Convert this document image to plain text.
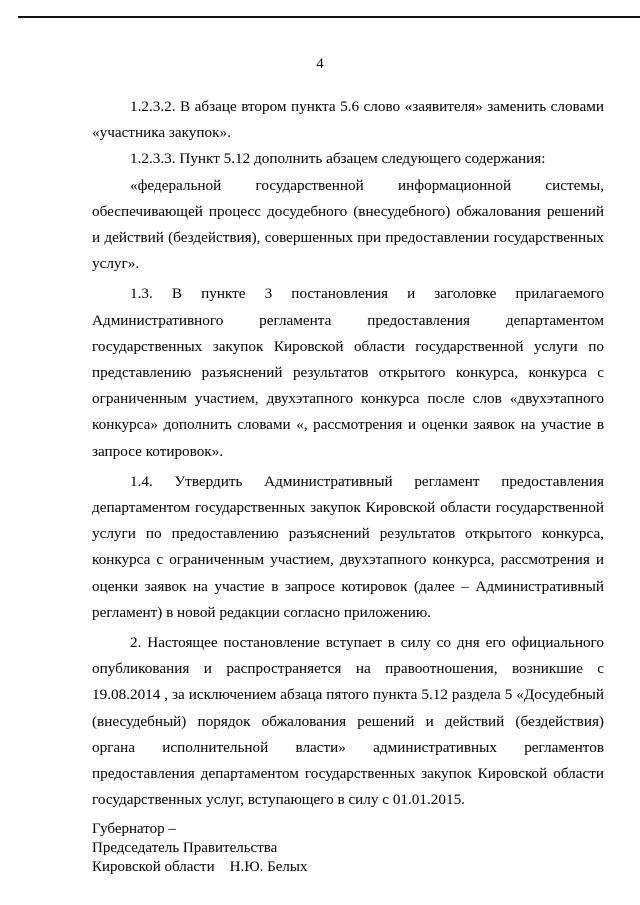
4

1.2.3.2. В абзаце втором пункта 5.6 слово «заявителя» заменить словами «участника закупок».

1.2.3.3. Пункт 5.12 дополнить абзацем следующего содержания:

«федеральной государственной информационной системы, обеспечивающей процесс досудебного (внесудебного) обжалования решений и действий (бездействия), совершенных при предоставлении государственных услуг».

1.3. В пункте 3 постановления и заголовке прилагаемого Административного регламента предоставления департаментом государственных закупок Кировской области государственной услуги по представлению разъяснений результатов открытого конкурса, конкурса с ограниченным участием, двухэтапного конкурса после слов «двухэтапного конкурса» дополнить словами «, рассмотрения и оценки заявок на участие в запросе котировок».

1.4. Утвердить Административный регламент предоставления департаментом государственных закупок Кировской области государственной услуги по предоставлению разъяснений результатов открытого конкурса, конкурса с ограниченным участием, двухэтапного конкурса, рассмотрения и оценки заявок на участие в запросе котировок (далее – Административный регламент) в новой редакции согласно приложению.

2. Настоящее постановление вступает в силу со дня его официального опубликования и распространяется на правоотношения, возникшие с 19.08.2014 , за исключением абзаца пятого пункта 5.12 раздела 5 «Досудебный (внесудебный) порядок обжалования решений и действий (бездействия) органа исполнительной власти» административных регламентов предоставления департаментом государственных закупок Кировской области государственных услуг, вступающего в силу с 01.01.2015.

Губернатор –
Председатель Правительства
Кировской области    Н.Ю. Белых
